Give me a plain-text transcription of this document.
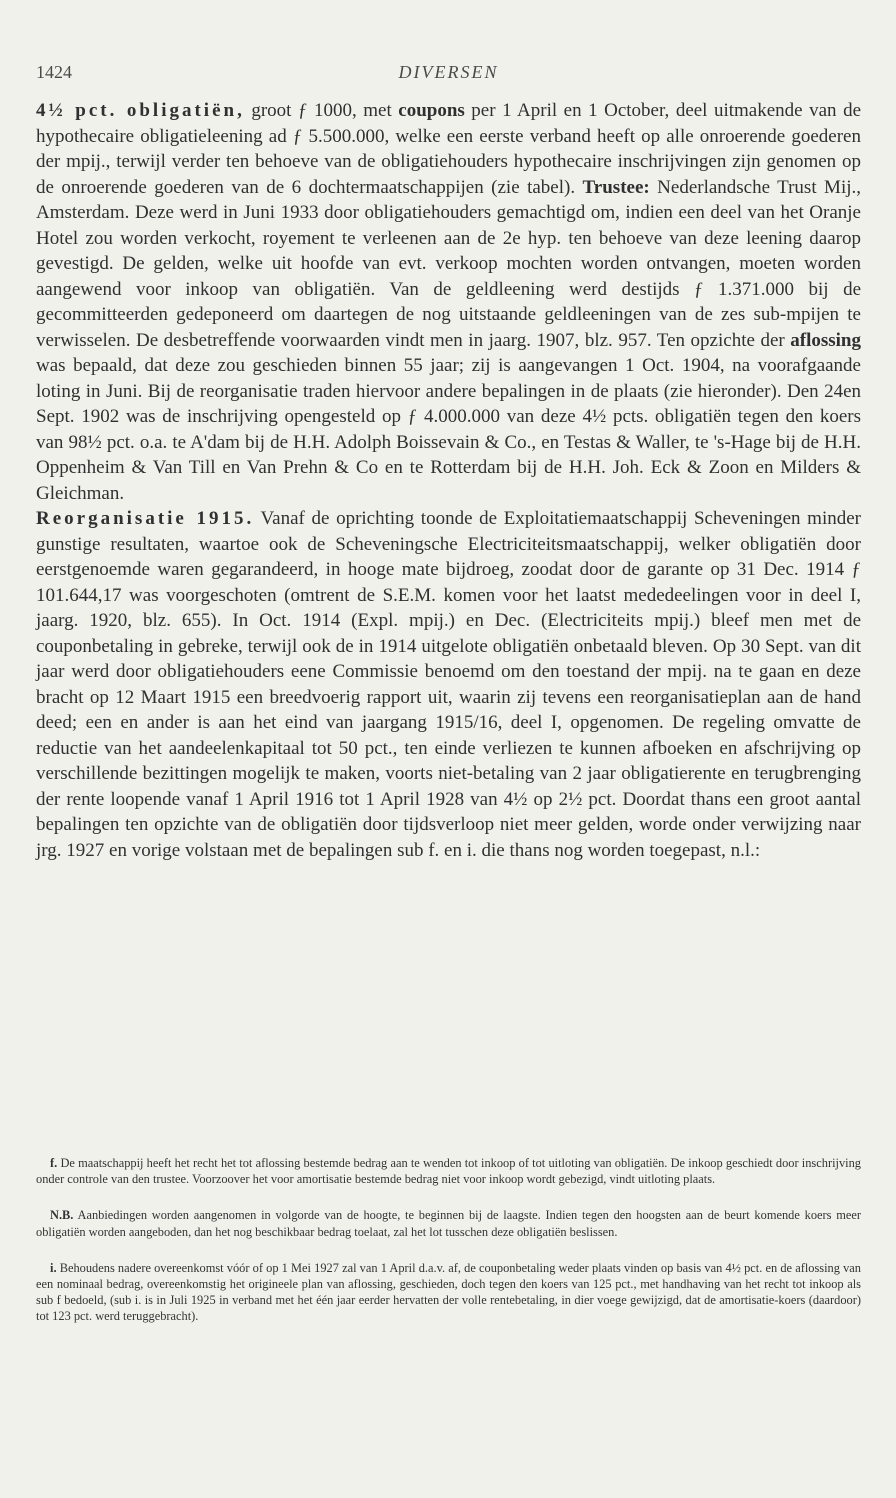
1424	DIVERSEN

4½ pct. obligatiën, groot ƒ 1000, met coupons per 1 April en 1 October, deel uitmakende van de hypothecaire obligatieleening ad ƒ 5.500.000, welke een eerste verband heeft op alle onroerende goederen der mpij., terwijl verder ten behoeve van de obligatiehouders hypothecaire inschrijvingen zijn genomen op de onroerende goederen van de 6 dochtermaatschappijen (zie tabel). Trustee: Nederlandsche Trust Mij., Amsterdam. Deze werd in Juni 1933 door obligatiehouders gemachtigd om, indien een deel van het Oranje Hotel zou worden verkocht, royement te verleenen aan de 2e hyp. ten behoeve van deze leening daarop gevestigd. De gelden, welke uit hoofde van evt. verkoop mochten worden ontvangen, moeten worden aangewend voor inkoop van obligatiën. Van de geldleening werd destijds ƒ 1.371.000 bij de gecommitteerden gedeponeerd om daartegen de nog uitstaande geldleeningen van de zes sub-mpijen te verwisselen. De desbetreffende voorwaarden vindt men in jaarg. 1907, blz. 957. Ten opzichte der aflossing was bepaald, dat deze zou geschieden binnen 55 jaar; zij is aangevangen 1 Oct. 1904, na voorafgaande loting in Juni. Bij de reorganisatie traden hiervoor andere bepalingen in de plaats (zie hieronder). Den 24en Sept. 1902 was de inschrijving opengesteld op ƒ 4.000.000 van deze 4½ pcts. obligatiën tegen den koers van 98½ pct. o.a. te A'dam bij de H.H. Adolph Boissevain & Co., en Testas & Waller, te 's-Hage bij de H.H. Oppenheim & Van Till en Van Prehn & Co en te Rotterdam bij de H.H. Joh. Eck & Zoon en Milders & Gleichman.

Reorganisatie 1915. Vanaf de oprichting toonde de Exploitatiemaatschappij Scheveningen minder gunstige resultaten, waartoe ook de Scheveningsche Electriciteitsmaatschappij, welker obligatiën door eerstgenoemde waren gegarandeerd, in hooge mate bijdroeg, zoodat door de garante op 31 Dec. 1914 ƒ 101.644,17 was voorgeschoten (omtrent de S.E.M. komen voor het laatst mededeelingen voor in deel I, jaarg. 1920, blz. 655). In Oct. 1914 (Expl. mpij.) en Dec. (Electriciteits mpij.) bleef men met de couponbetaling in gebreke, terwijl ook de in 1914 uitgelote obligatiën onbetaald bleven. Op 30 Sept. van dit jaar werd door obligatiehouders eene Commissie benoemd om den toestand der mpij. na te gaan en deze bracht op 12 Maart 1915 een breedvoerig rapport uit, waarin zij tevens een reorganisatieplan aan de hand deed; een en ander is aan het eind van jaargang 1915/16, deel I, opgenomen. De regeling omvatte de reductie van het aandeelenkapitaal tot 50 pct., ten einde verliezen te kunnen afboeken en afschrijving op verschillende bezittingen mogelijk te maken, voorts niet-betaling van 2 jaar obligatierente en terugbrenging der rente loopende vanaf 1 April 1916 tot 1 April 1928 van 4½ op 2½ pct. Doordat thans een groot aantal bepalingen ten opzichte van de obligatiën door tijdsverloop niet meer gelden, worde onder verwijzing naar jrg. 1927 en vorige volstaan met de bepalingen sub f. en i. die thans nog worden toegepast, n.l.:

f. De maatschappij heeft het recht het tot aflossing bestemde bedrag aan te wenden tot inkoop of tot uitloting van obligatiën. De inkoop geschiedt door inschrijving onder controle van den trustee. Voorzoover het voor amortisatie bestemde bedrag niet voor inkoop wordt gebezigd, vindt uitloting plaats.

N.B. Aanbiedingen worden aangenomen in volgorde van de hoogte, te beginnen bij de laagste. Indien tegen den hoogsten aan de beurt komende koers meer obligatiën worden aangeboden, dan het nog beschikbaar bedrag toelaat, zal het lot tusschen deze obligatiën beslissen.

i. Behoudens nadere overeenkomst vóór of op 1 Mei 1927 zal van 1 April d.a.v. af, de couponbetaling weder plaats vinden op basis van 4½ pct. en de aflossing van een nominaal bedrag, overeenkomstig het origineele plan van aflossing, geschieden, doch tegen den koers van 125 pct., met handhaving van het recht tot inkoop als sub f bedoeld, (sub i. is in Juli 1925 in verband met het één jaar eerder hervatten der volle rentebetaling, in dier voege gewijzigd, dat de amortisatie-koers (daardoor) tot 123 pct. werd teruggebracht).
